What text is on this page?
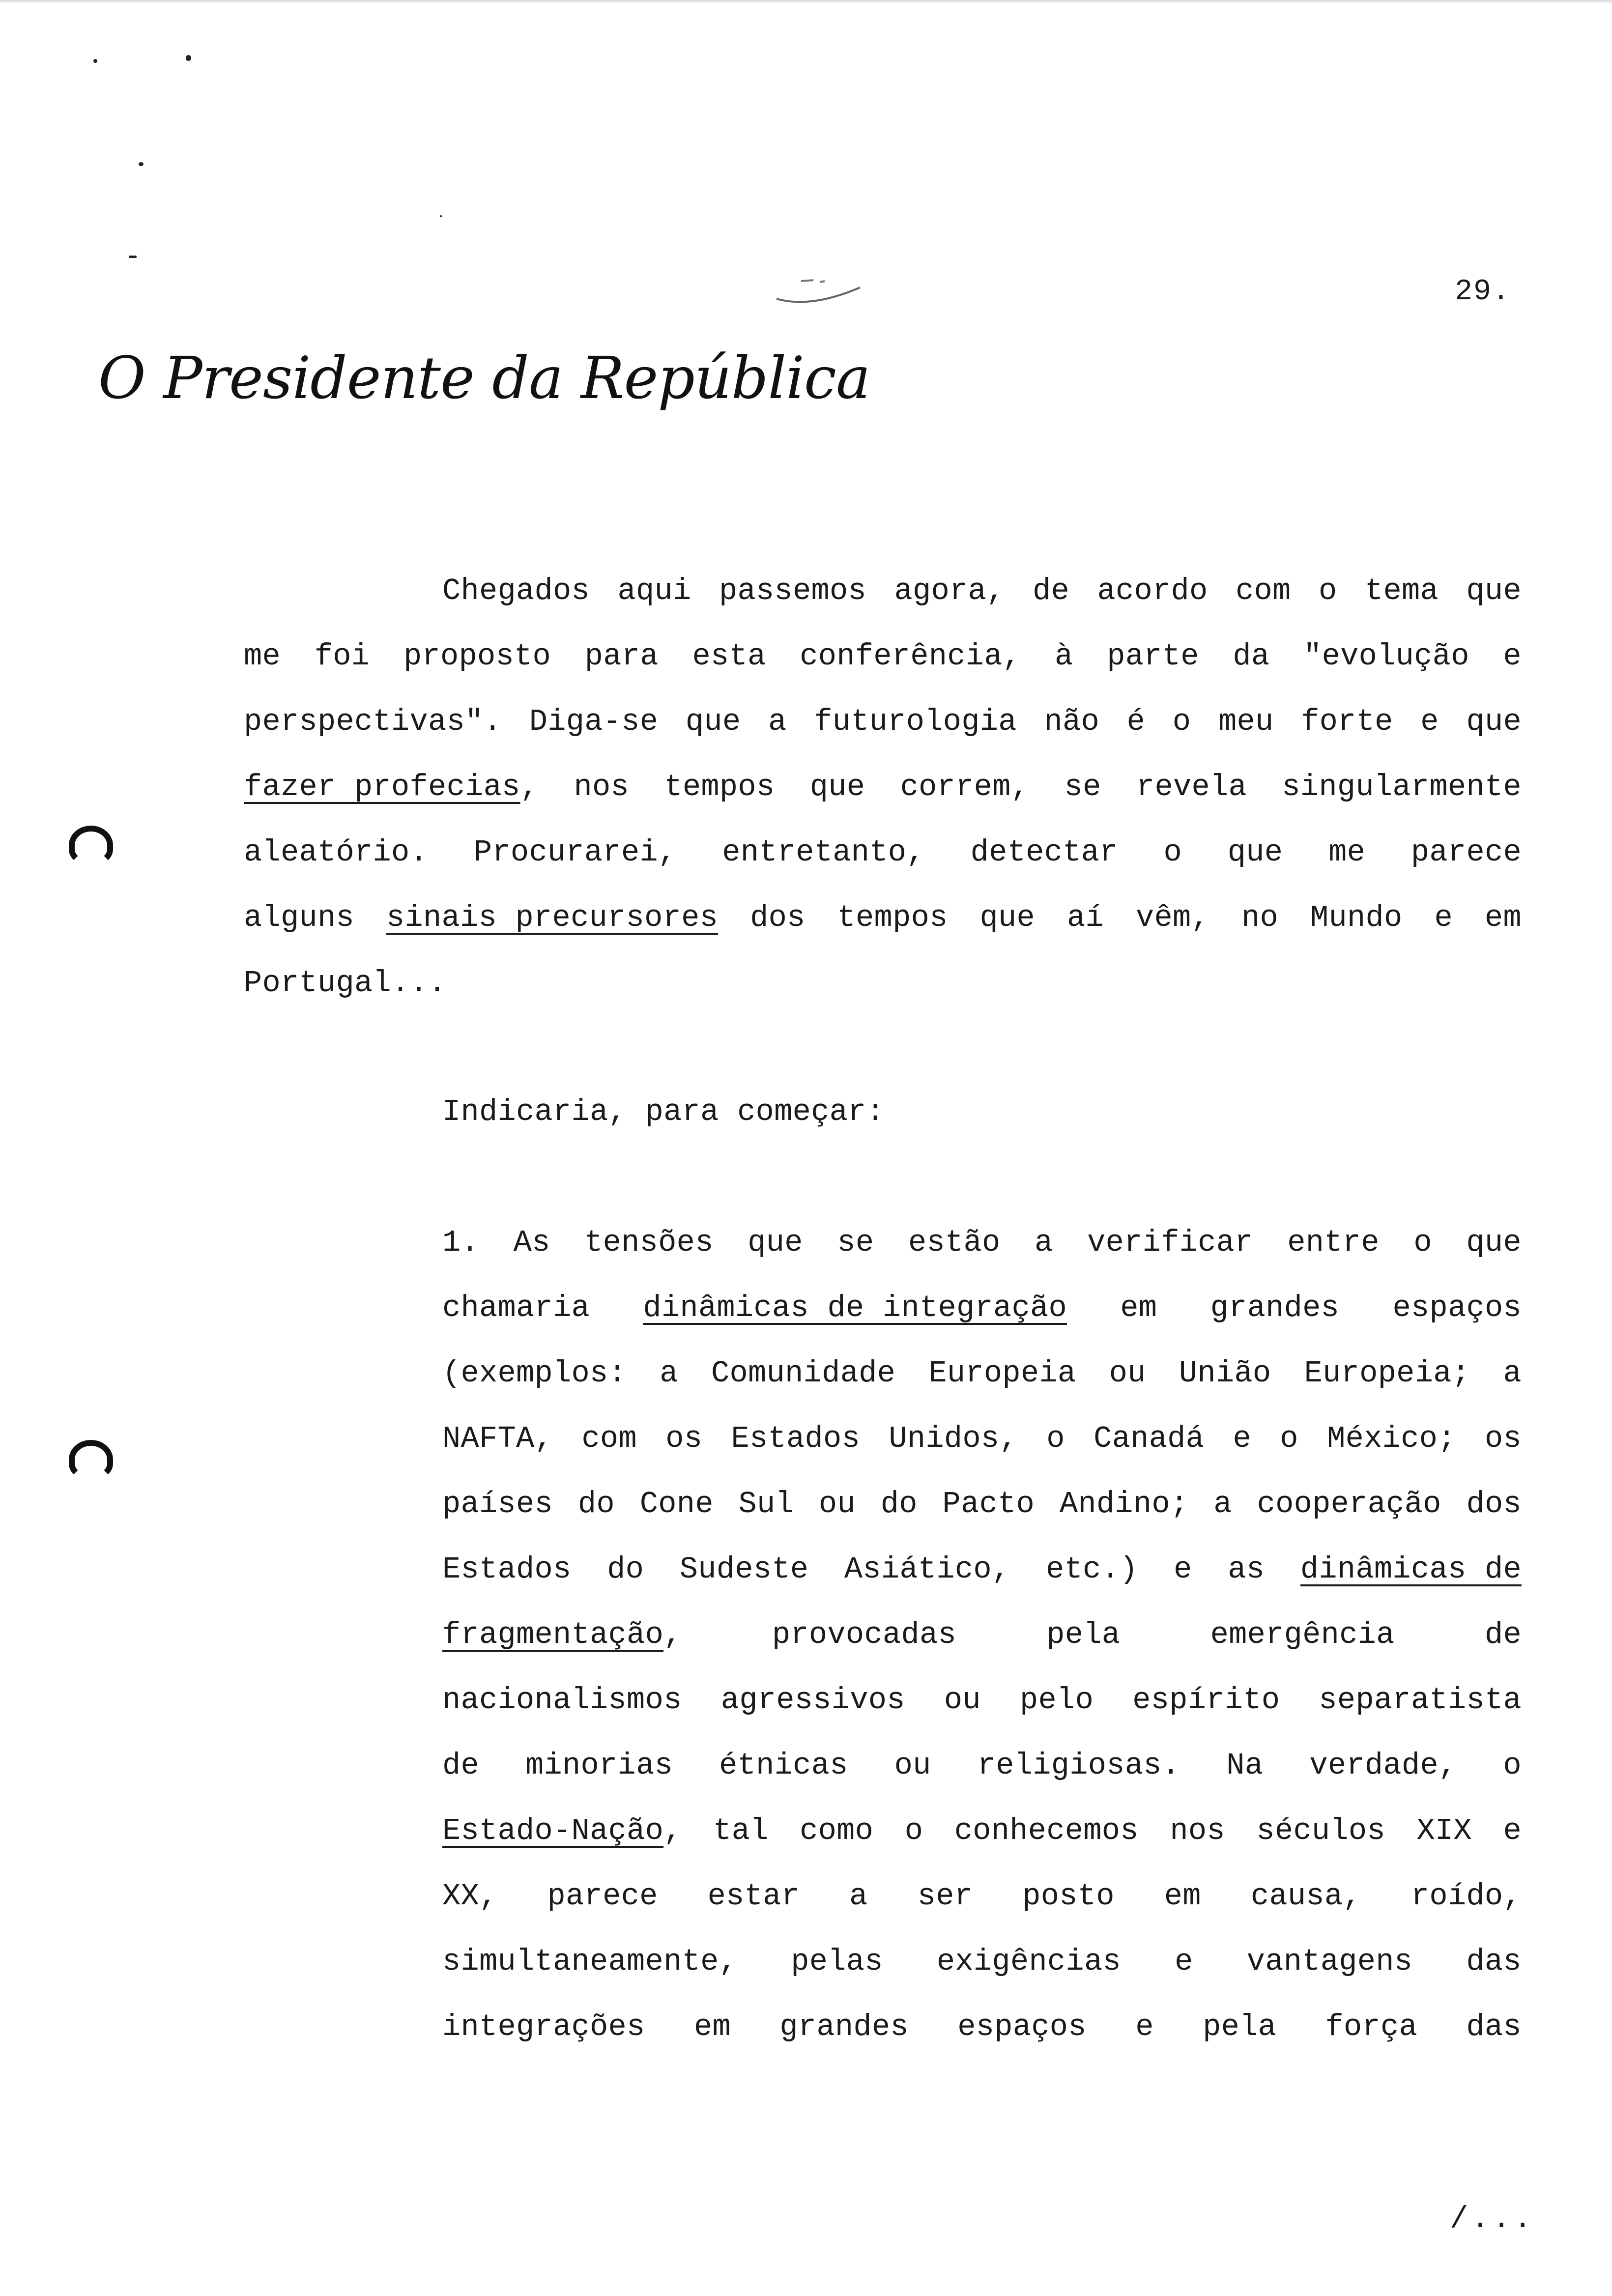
29.
O Presidente da República
Chegados aqui passemos agora, de acordo com o tema que
me foi proposto para esta conferência, à parte da "evolução e
perspectivas". Diga-se que a futurologia não é o meu forte e que
fazer profecias, nos tempos que correm, se revela singularmente
aleatório. Procurarei, entretanto, detectar o que me parece
alguns sinais precursores dos tempos que aí vêm, no Mundo e em
Portugal...
Indicaria, para começar:
1. As tensões que se estão a verificar entre o que
chamaria dinâmicas de integração em grandes espaços
(exemplos: a Comunidade Europeia ou União Europeia; a
NAFTA, com os Estados Unidos, o Canadá e o México; os
países do Cone Sul ou do Pacto Andino; a cooperação dos
Estados do Sudeste Asiático, etc.) e as dinâmicas de
fragmentação,	provocadas	pela	emergência	de
nacionalismos agressivos ou pelo espírito separatista
de minorias étnicas ou religiosas. Na verdade, o
Estado-Nação, tal como o conhecemos nos séculos XIX e
XX, parece estar a ser posto em causa, roído,
simultaneamente, pelas exigências e vantagens das
integrações em grandes espaços e pela força das
/...
